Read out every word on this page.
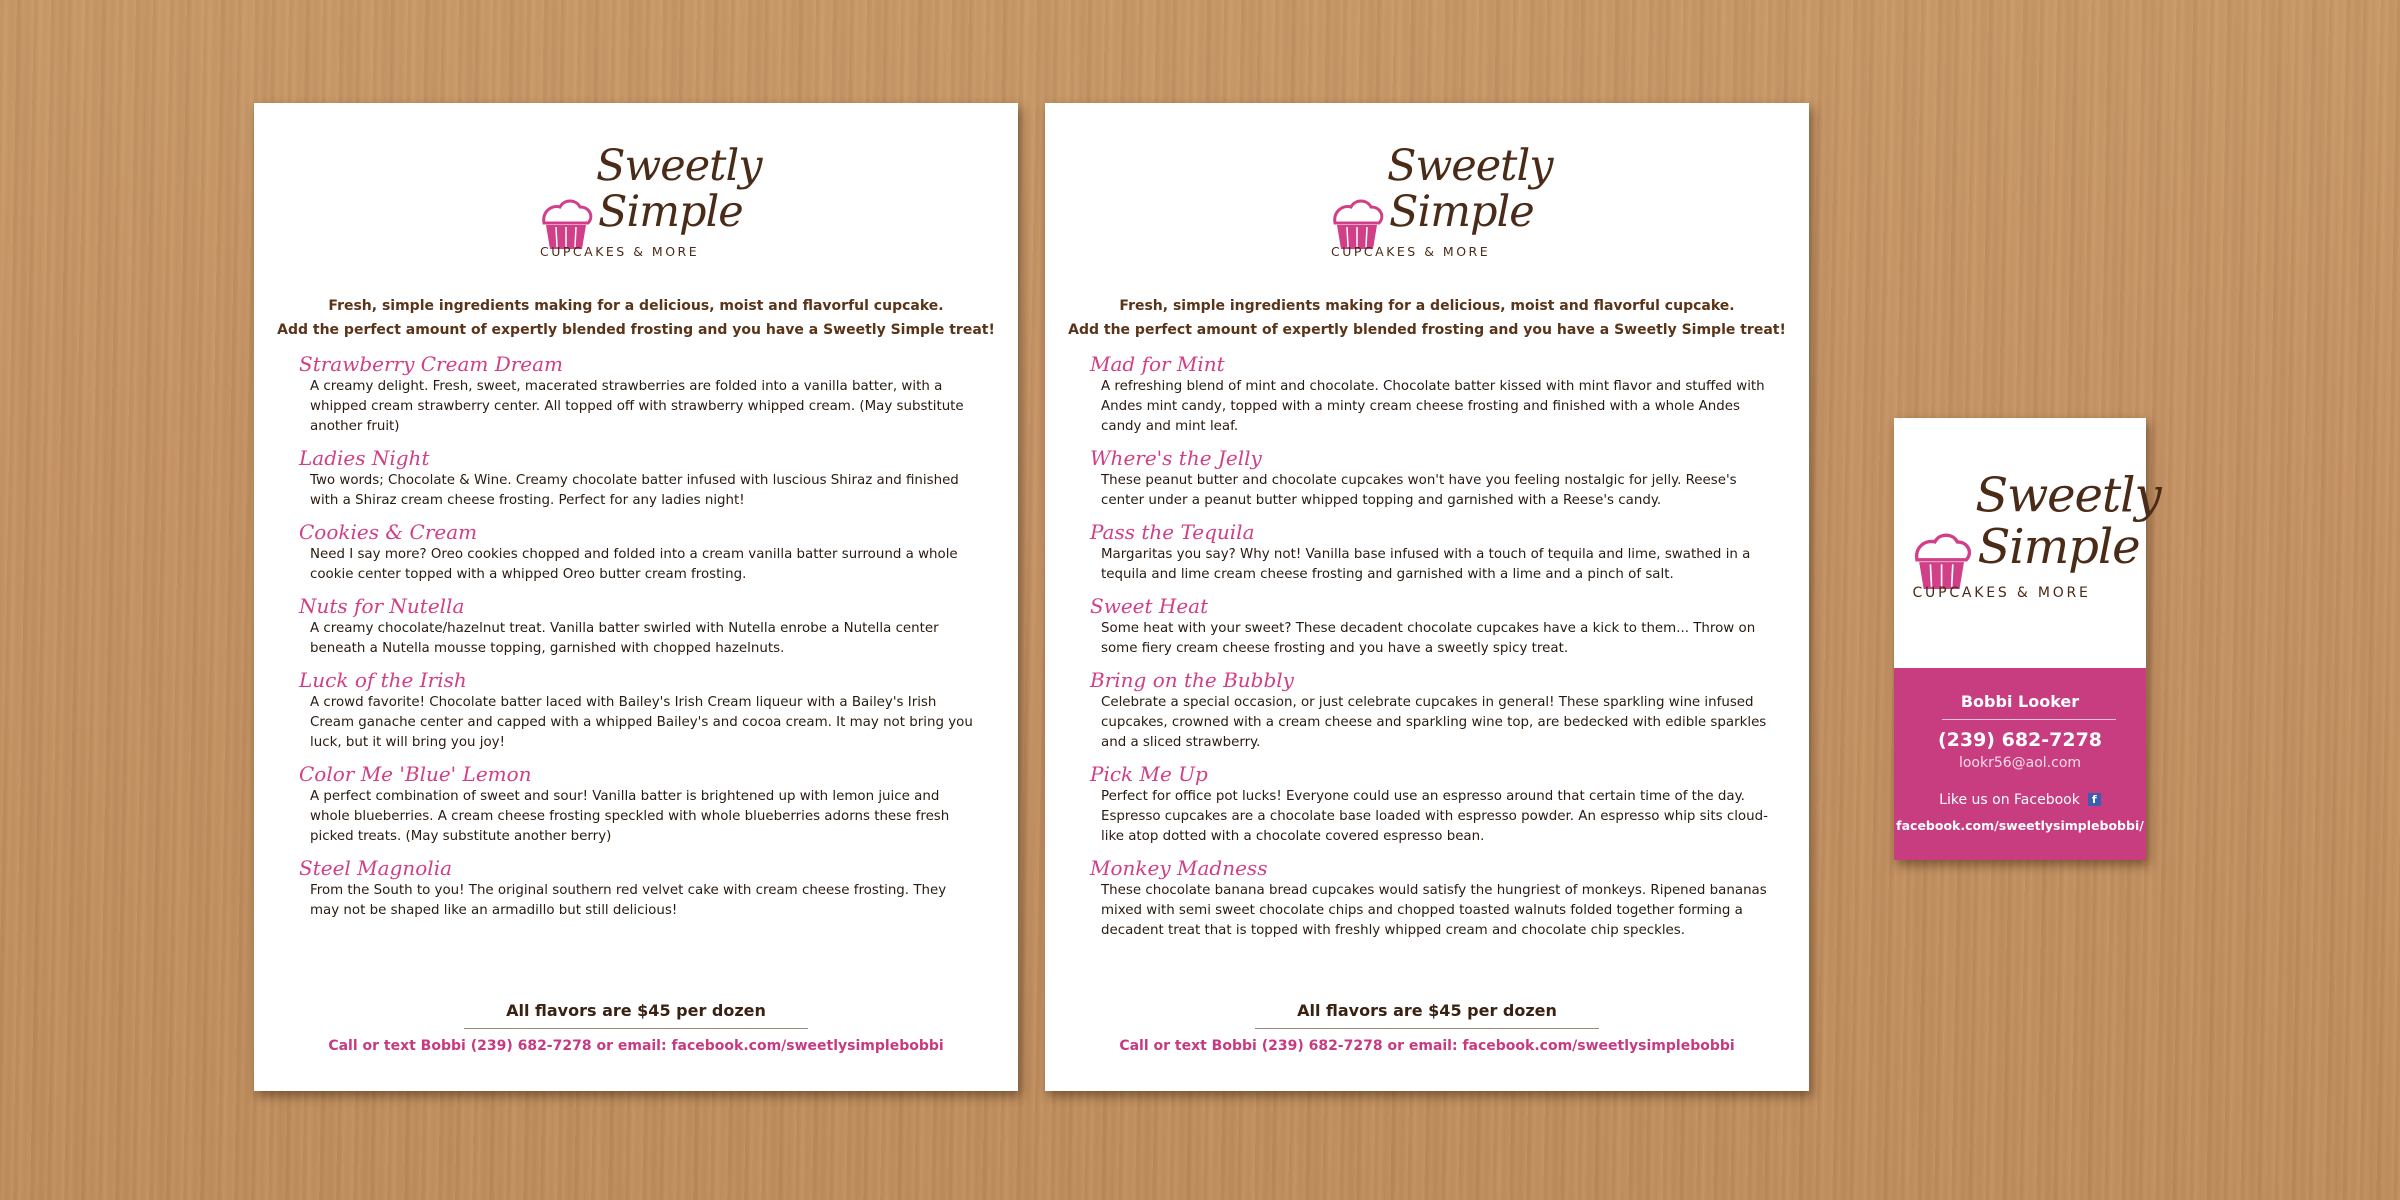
Sweetly
Simple
CUPCAKES & MORE
Fresh, simple ingredients making for a delicious, moist and flavorful cupcake.
Add the perfect amount of expertly blended frosting and you have a Sweetly Simple treat!
Strawberry Cream Dream
A creamy delight. Fresh, sweet, macerated strawberries are folded into a vanilla batter, with a whipped cream strawberry center. All topped off with strawberry whipped cream. (May substitute another fruit)
Ladies Night
Two words; Chocolate & Wine. Creamy chocolate batter infused with luscious Shiraz and finished with a Shiraz cream cheese frosting. Perfect for any ladies night!
Cookies & Cream
Need I say more? Oreo cookies chopped and folded into a cream vanilla batter surround a whole cookie center topped with a whipped Oreo butter cream frosting.
Nuts for Nutella
A creamy chocolate/hazelnut treat. Vanilla batter swirled with Nutella enrobe a Nutella center beneath a Nutella mousse topping, garnished with chopped hazelnuts.
Luck of the Irish
A crowd favorite! Chocolate batter laced with Bailey's Irish Cream liqueur with a Bailey's Irish Cream ganache center and capped with a whipped Bailey's and cocoa cream. It may not bring you luck, but it will bring you joy!
Color Me 'Blue' Lemon
A perfect combination of sweet and sour! Vanilla batter is brightened up with lemon juice and whole blueberries. A cream cheese frosting speckled with whole blueberries adorns these fresh picked treats. (May substitute another berry)
Steel Magnolia
From the South to you! The original southern red velvet cake with cream cheese frosting. They may not be shaped like an armadillo but still delicious!
All flavors are $45 per dozen
Call or text Bobbi (239) 682-7278 or email: facebook.com/sweetlysimplebobbi
Sweetly
Simple
CUPCAKES & MORE
Fresh, simple ingredients making for a delicious, moist and flavorful cupcake.
Add the perfect amount of expertly blended frosting and you have a Sweetly Simple treat!
Mad for Mint
A refreshing blend of mint and chocolate. Chocolate batter kissed with mint flavor and stuffed with Andes mint candy, topped with a minty cream cheese frosting and finished with a whole Andes candy and mint leaf.
Where's the Jelly
These peanut butter and chocolate cupcakes won't have you feeling nostalgic for jelly. Reese's center under a peanut butter whipped topping and garnished with a Reese's candy.
Pass the Tequila
Margaritas you say? Why not! Vanilla base infused with a touch of tequila and lime, swathed in a tequila and lime cream cheese frosting and garnished with a lime and a pinch of salt.
Sweet Heat
Some heat with your sweet? These decadent chocolate cupcakes have a kick to them... Throw on some fiery cream cheese frosting and you have a sweetly spicy treat.
Bring on the Bubbly
Celebrate a special occasion, or just celebrate cupcakes in general! These sparkling wine infused cupcakes, crowned with a cream cheese and sparkling wine top, are bedecked with edible sparkles and a sliced strawberry.
Pick Me Up
Perfect for office pot lucks! Everyone could use an espresso around that certain time of the day. Espresso cupcakes are a chocolate base loaded with espresso powder. An espresso whip sits cloud-like atop dotted with a chocolate covered espresso bean.
Monkey Madness
These chocolate banana bread cupcakes would satisfy the hungriest of monkeys. Ripened bananas mixed with semi sweet chocolate chips and chopped toasted walnuts folded together forming a decadent treat that is topped with freshly whipped cream and chocolate chip speckles.
All flavors are $45 per dozen
Call or text Bobbi (239) 682-7278 or email: facebook.com/sweetlysimplebobbi
Sweetly
Simple
CUPCAKES & MORE
Bobbi Looker
(239) 682-7278
lookr56@aol.com
Like us on Facebook f
facebook.com/sweetlysimplebobbi/
